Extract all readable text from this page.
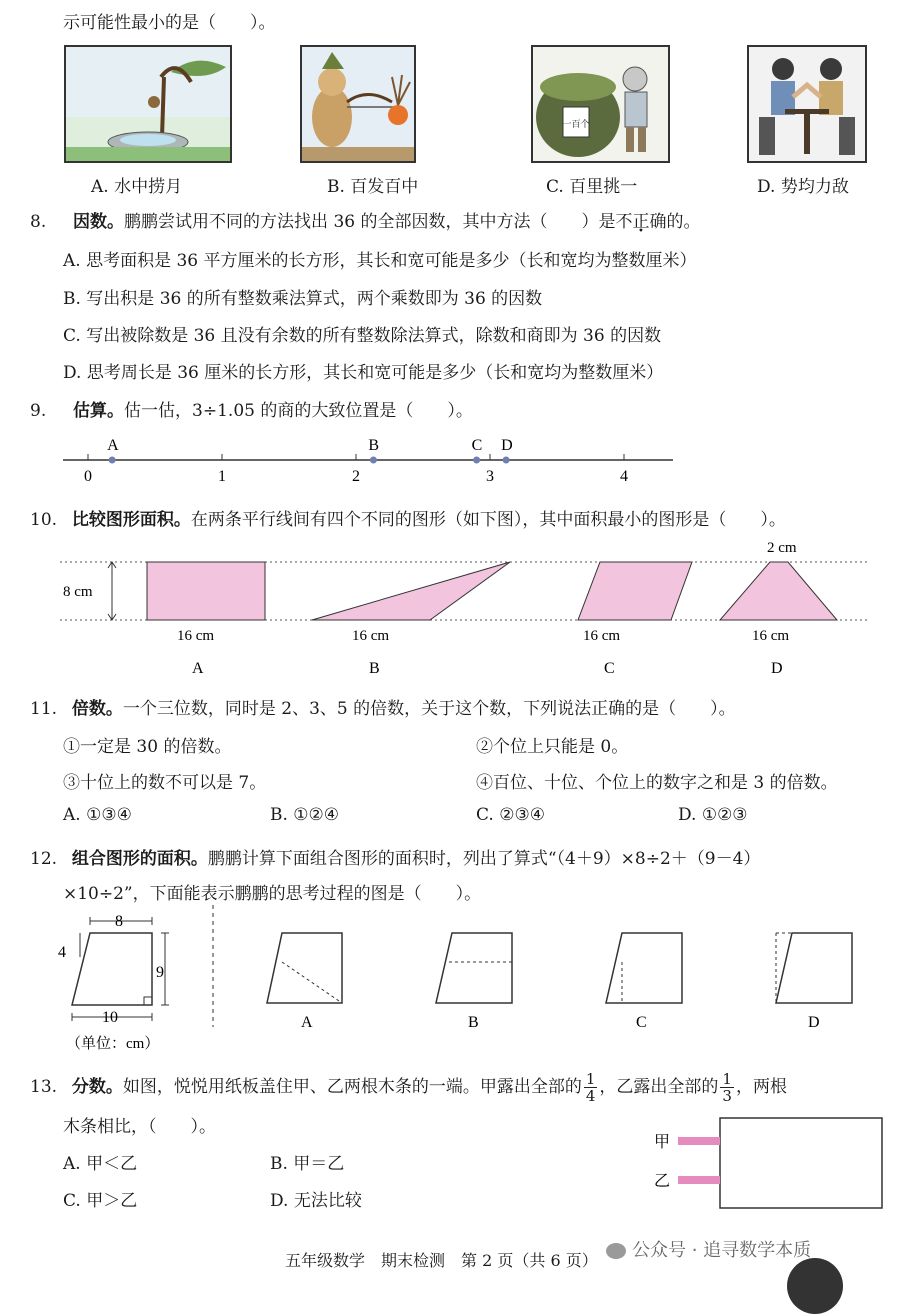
示可能性最小的是（　　）。
一百个
A. 水中捞月	B. 百发百中	C. 百里挑一	D. 势均力敌
8. 因数。鹏鹏尝试用不同的方法找出 36 的全部因数，其中方法（　　）是不正确的。
A. 思考面积是 36 平方厘米的长方形，其长和宽可能是多少（长和宽均为整数厘米）
B. 写出积是 36 的所有整数乘法算式，两个乘数即为 36 的因数
C. 写出被除数是 36 且没有余数的所有整数除法算式，除数和商即为 36 的因数
D. 思考周长是 36 厘米的长方形，其长和宽可能是多少（长和宽均为整数厘米）
9. 估算。估一估，3÷1.05 的商的大致位置是（　　）。
0	1	2	3	4
A	B	C D
10. 比较图形面积。在两条平行线间有四个不同的图形（如下图），其中面积最小的图形是（　　）。
8 cm
2 cm
16 cm	16 cm	16 cm	16 cm
A	B	C	D
11. 倍数。一个三位数，同时是 2、3、5 的倍数，关于这个数，下列说法正确的是（　　）。
①一定是 30 的倍数。	②个位上只能是 0。
③十位上的数不可以是 7。	④百位、十位、个位上的数字之和是 3 的倍数。
A. ①③④	B. ①②④	C. ②③④	D. ①②③
12. 组合图形的面积。鹏鹏计算下面组合图形的面积时，列出了算式“（4＋9）×8÷2＋（9－4）
×10÷2”，下面能表示鹏鹏的思考过程的图是（　　）。
8
4
9
10
（单位：cm）
A	B	C	D
13. 分数。如图，悦悦用纸板盖住甲、乙两根木条的一端。甲露出全部的 $\frac{1}{4}$ ，乙露出全部的 $\frac{1}{3}$ ，两根
木条相比，（　　）。
A. 甲＜乙	B. 甲＝乙
C. 甲＞乙	D. 无法比较
甲
乙
五年级数学　期末检测　第 2 页（共 6 页）	公众号 · 追寻数学本质
